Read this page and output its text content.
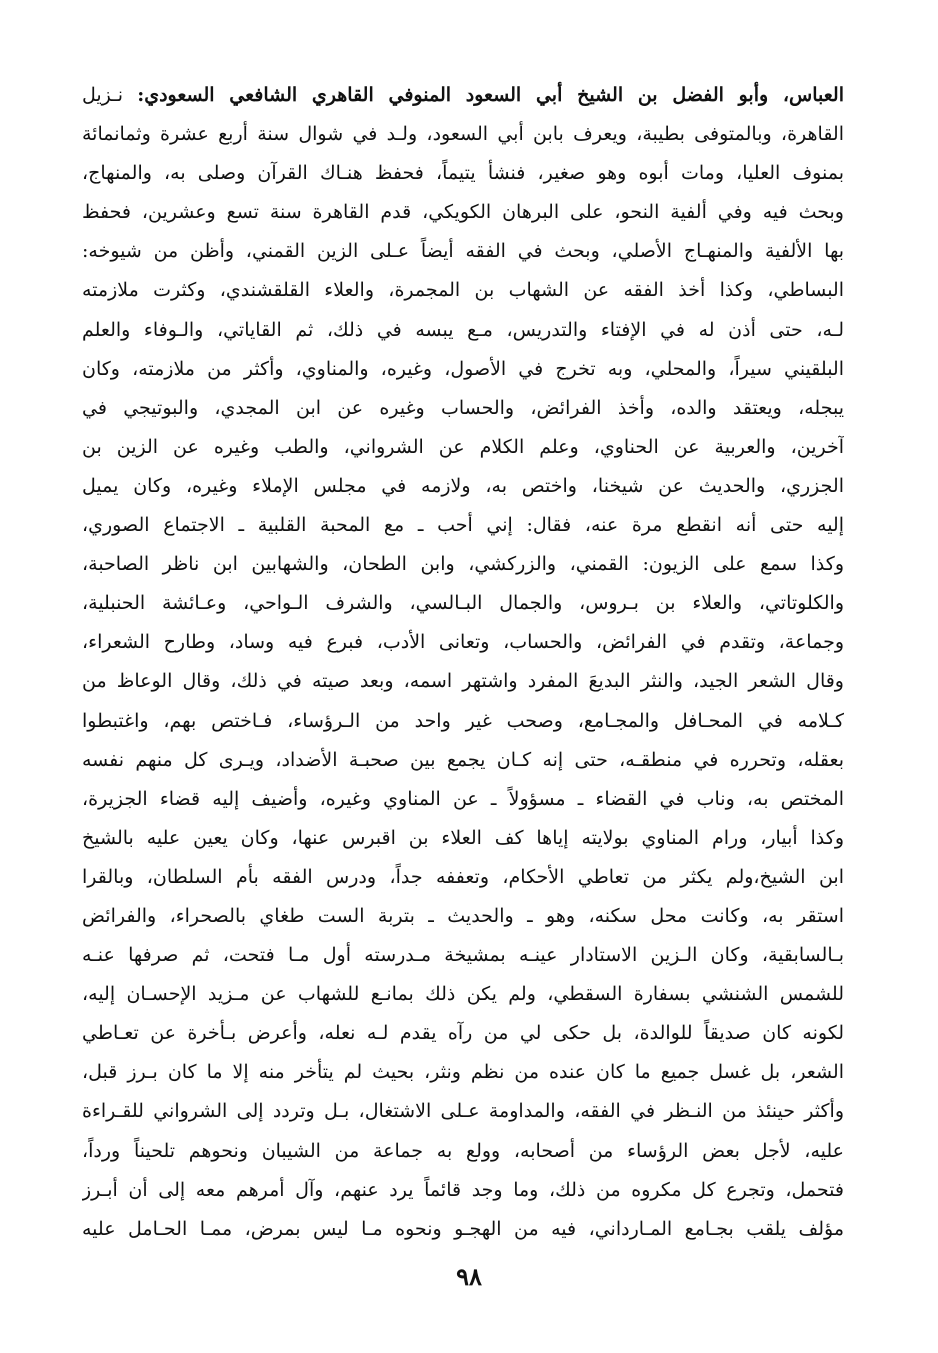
العباس، وأبو الفضل بن الشيخ أبي السعود المنوفي القاهري الشافعي السعودي: نـزيل
القاهرة، وبالمتوفى بطيبة، ويعرف بابن أبي السعود، ولـد في شوال سنة أربع عشرة وثمانمائة
بمنوف العليا، ومات أبوه وهو صغير، فنشأ يتيماً، فحفظ هنـاك القرآن وصلى به، والمنهاج،
وبحث فيه وفي ألفية النحو، على البرهان الكويكي، قدم القاهرة سنة تسع وعشرين، فحفظ
بها الألفية والمنهـاج الأصلي، وبحث في الفقه أيضاً عـلى الزين القمني، وأظن من شيوخه:
البساطي، وكذا أخذ الفقه عن الشهاب بن المجمرة، والعلاء القلقشندي، وكثرت ملازمته
لـه، حتى أذن له في الإفتاء والتدريس، مـع يبسه في ذلك، ثم القاياتي، والـوفاء والعلم
البلقيني سيراً، والمحلي، وبه تخرج في الأصول، وغيره، والمناوي، وأكثر من ملازمته، وكان
يبجله، ويعتقد والده، وأخذ الفرائض، والحساب وغيره عن ابن المجدي، والبوتيجي في
آخرين، والعربية عن الحناوي، وعلم الكلام عن الشرواني، والطب وغيره عن الزين بن
الجزري، والحديث عن شيخنا، واختص به، ولازمه في مجلس الإملاء وغيره، وكان يميل
إليه حتى أنه انقطع مرة عنه، فقال: إني أحب ـ مع المحبة القلبية ـ الاجتماع الصوري،
وكذا سمع على الزيون: القمني، والزركشي، وابن الطحان، والشهابين ابن ناظر الصاحبة،
والكلوتاتي، والعلاء بن بـروس، والجمال البـالسي، والشرف الـواحي، وعـائشة الحنبلية،
وجماعة، وتقدم في الفرائض، والحساب، وتعانى الأدب، فبرع فيه وساد، وطارح الشعراء،
وقال الشعر الجيد، والنثر البديعَ المفرد واشتهر اسمه، وبعد صيته في ذلك، وقال الوعاظ من
كـلامه في المحـافل والمجـامع، وصحب غير واحد من الـرؤساء، فـاختص بهم، واغتبطوا
بعقله، وتحرره في منطقـه، حتى إنه كـان يجمع بين صحبـة الأضداد، ويـرى كل منهم نفسه
المختص به، وناب في القضاء ـ مسؤولاً ـ عن المناوي وغيره، وأضيف إليه قضاء الجزيرة،
وكذا أبيار، ورام المناوي بولايته إياها كف العلاء بن اقبرس عنها، وكان يعين عليه بالشيخ
ابن الشيخ،ولم يكثر من تعاطي الأحكام، وتعففه جداً، ودرس الفقه بأم السلطان، وبالقرا
استقر به، وكانت محل سكنه، وهو ـ والحديث ـ بتربة الست طغاي بالصحراء، والفرائض
بـالسابقية، وكان الـزين الاستادار عينـه بمشيخة مـدرسته أول مـا فتحت، ثم صرفها عنـه
للشمس الشنشي بسفارة السقطي، ولم يكن ذلك بمانـع للشهاب عن مـزيد الإحسـان إليه،
لكونه كان صديقاً للوالدة، بل حكى لي من رآه يقدم لـه نعله، وأعرض بـأخرة عن تعـاطي
الشعر، بل غسل جميع ما كان عنده من نظم ونثر، بحيث لم يتأخر منه إلا ما كان بـرز قبل،
وأكثر حينئذ من النـظر في الفقه، والمداومة عـلى الاشتغال، بـل وتردد إلى الشرواني للقـراءة
عليه، لأجل بعض الرؤساء من أصحابه، وولع به جماعة من الشيبان ونحوهم تلحيناً ورداً،
فتحمل، وتجرع كل مكروه من ذلك، وما وجد قائماً يرد عنهم، وآل أمرهم معه إلى أن أبـرز
مؤلف يلقب بجـامع المـارداني، فيه من الهجـو ونحوه مـا ليس بمرض، ممـا الحـامل عليه
٩٨
